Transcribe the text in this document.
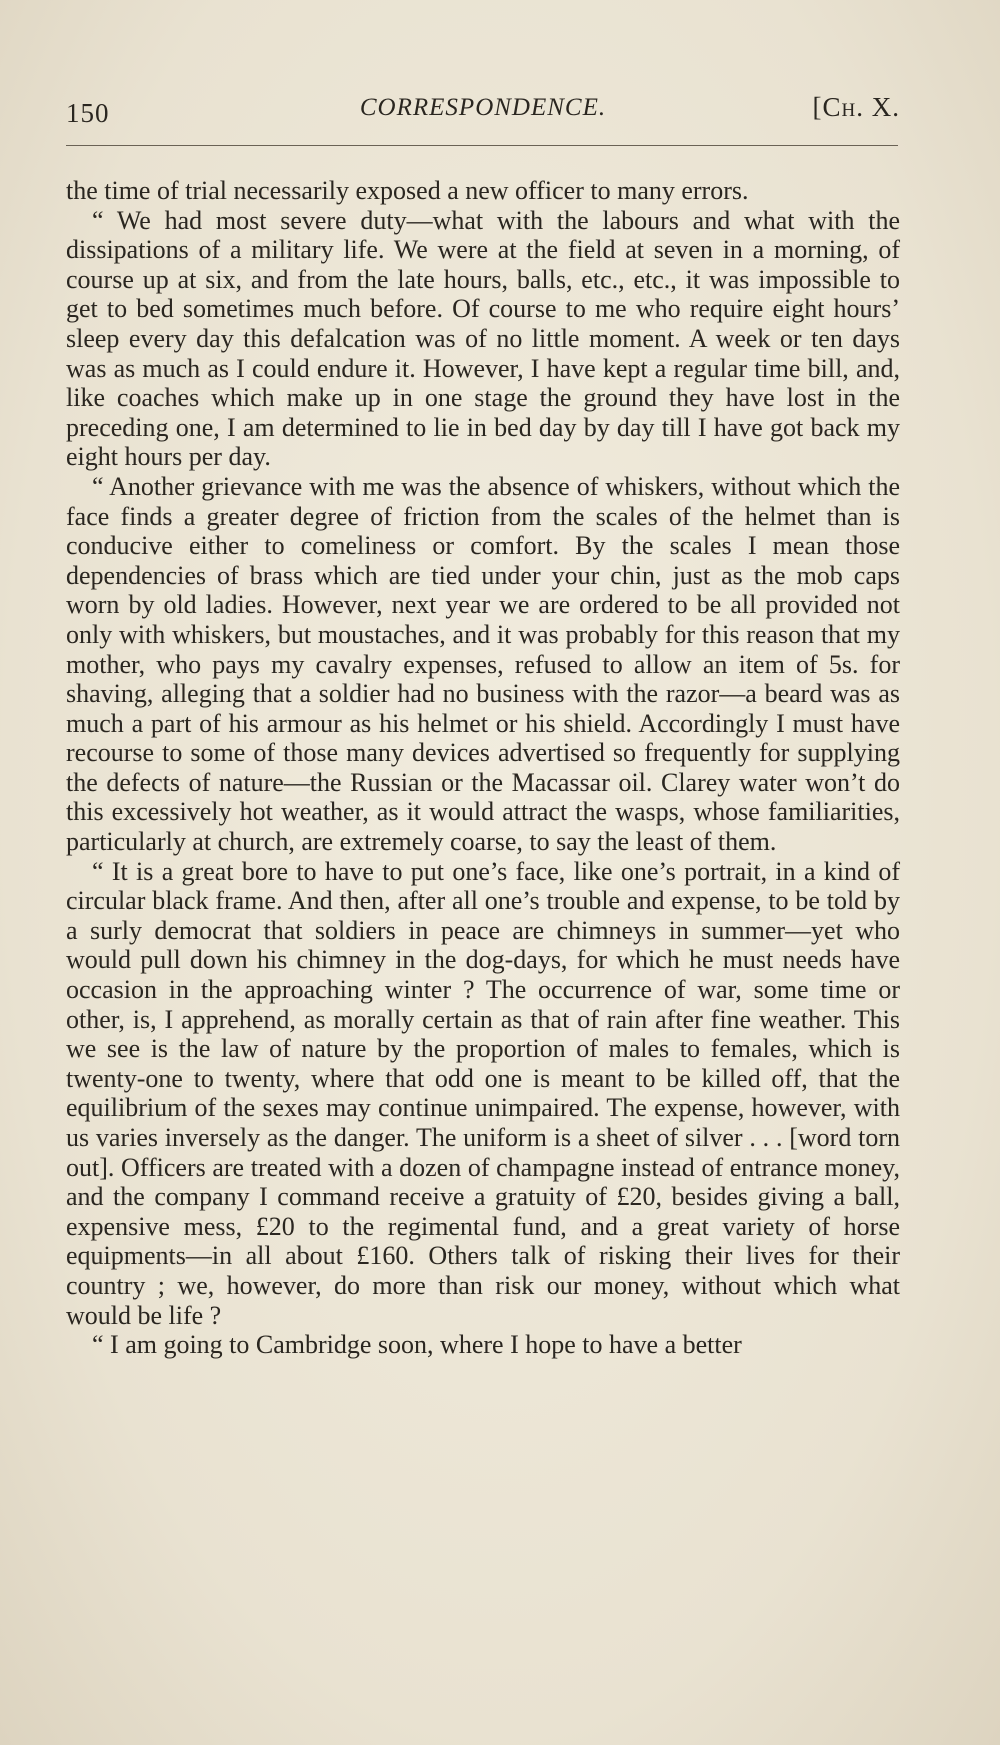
150	CORRESPONDENCE.	[Ch. X.

the time of trial necessarily exposed a new officer to many errors.

“ We had most severe duty—what with the labours and what with the dissipations of a military life. We were at the field at seven in a morning, of course up at six, and from the late hours, balls, etc., etc., it was impossible to get to bed sometimes much before. Of course to me who require eight hours’ sleep every day this defalcation was of no little moment. A week or ten days was as much as I could endure it. However, I have kept a regular time bill, and, like coaches which make up in one stage the ground they have lost in the preceding one, I am determined to lie in bed day by day till I have got back my eight hours per day.

“ Another grievance with me was the absence of whiskers, without which the face finds a greater degree of friction from the scales of the helmet than is conducive either to comeliness or comfort. By the scales I mean those dependencies of brass which are tied under your chin, just as the mob caps worn by old ladies. However, next year we are ordered to be all provided not only with whiskers, but moustaches, and it was probably for this reason that my mother, who pays my cavalry expenses, refused to allow an item of 5s. for shaving, alleging that a soldier had no business with the razor—a beard was as much a part of his armour as his helmet or his shield. Accordingly I must have recourse to some of those many devices advertised so frequently for supplying the defects of nature—the Russian or the Macassar oil. Clarey water won’t do this excessively hot weather, as it would attract the wasps, whose familiarities, particularly at church, are extremely coarse, to say the least of them.

“ It is a great bore to have to put one’s face, like one’s portrait, in a kind of circular black frame. And then, after all one’s trouble and expense, to be told by a surly democrat that soldiers in peace are chimneys in summer—yet who would pull down his chimney in the dog-days, for which he must needs have occasion in the approaching winter ? The occurrence of war, some time or other, is, I apprehend, as morally certain as that of rain after fine weather. This we see is the law of nature by the proportion of males to females, which is twenty-one to twenty, where that odd one is meant to be killed off, that the equilibrium of the sexes may continue unimpaired. The expense, however, with us varies inversely as the danger. The uniform is a sheet of silver . . . [word torn out]. Officers are treated with a dozen of champagne instead of entrance money, and the company I command receive a gratuity of £20, besides giving a ball, expensive mess, £20 to the regimental fund, and a great variety of horse equipments—in all about £160. Others talk of risking their lives for their country ; we, however, do more than risk our money, without which what would be life ?

“ I am going to Cambridge soon, where I hope to have a better
